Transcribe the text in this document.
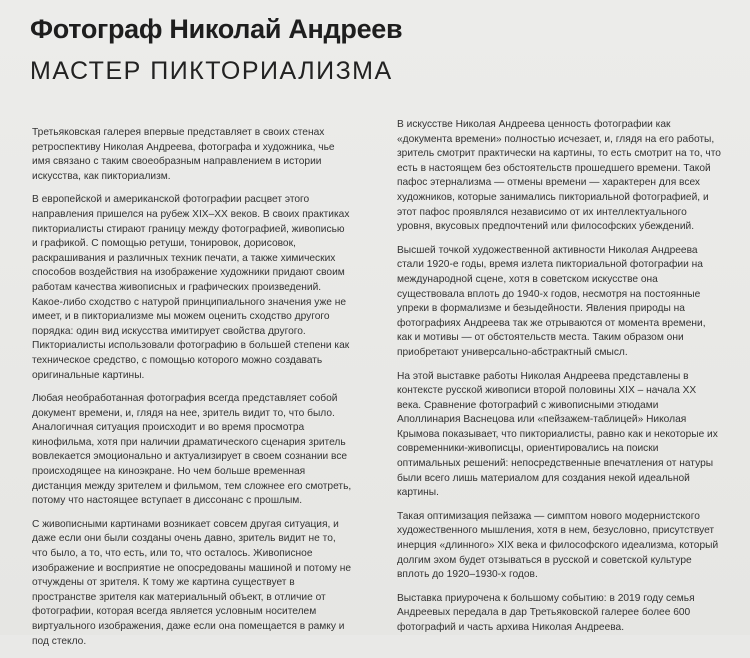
Фотограф Николай Андреев
МАСТЕР ПИКТОРИАЛИЗМА

Третьяковская галерея впервые представляет в своих стенах ретроспективу Николая Андреева, фотографа и художника, чье имя связано с таким своеобразным направлением в истории искусства, как пикториализм.

В европейской и американской фотографии расцвет этого направления пришелся на рубеж XIX–XX веков. В своих практиках пикториалисты стирают границу между фотографией, живописью и графикой. С помощью ретуши, тонировок, дорисовок, раскрашивания и различных техник печати, а также химических способов воздействия на изображение художники придают своим работам качества живописных и графических произведений. Какое-либо сходство с натурой принципиального значения уже не имеет, и в пикториализме мы можем оценить сходство другого порядка: один вид искусства имитирует свойства другого. Пикториалисты использовали фотографию в большей степени как техническое средство, с помощью которого можно создавать оригинальные картины.

Любая необработанная фотография всегда представляет собой документ времени, и, глядя на нее, зритель видит то, что было. Аналогичная ситуация происходит и во время просмотра кинофильма, хотя при наличии драматического сценария зритель вовлекается эмоционально и актуализирует в своем сознании все происходящее на киноэкране. Но чем больше временная дистанция между зрителем и фильмом, тем сложнее его смотреть, потому что настоящее вступает в диссонанс с прошлым.

С живописными картинами возникает совсем другая ситуация, и даже если они были созданы очень давно, зритель видит не то, что было, а то, что есть, или то, что осталось. Живописное изображение и восприятие не опосредованы машиной и потому не отчуждены от зрителя. К тому же картина существует в пространстве зрителя как материальный объект, в отличие от фотографии, которая всегда является условным носителем виртуального изображения, даже если она помещается в рамку и под стекло.

В искусстве Николая Андреева ценность фотографии как «документа времени» полностью исчезает, и, глядя на его работы, зритель смотрит практически на картины, то есть смотрит на то, что есть в настоящем без обстоятельств прошедшего времени. Такой пафос этернализма — отмены времени — характерен для всех художников, которые занимались пикториальной фотографией, и этот пафос проявлялся независимо от их интеллектуального уровня, вкусовых предпочтений или философских убеждений.

Высшей точкой художественной активности Николая Андреева стали 1920-е годы, время излета пикториальной фотографии на международной сцене, хотя в советском искусстве она существовала вплоть до 1940-х годов, несмотря на постоянные упреки в формализме и безыдейности. Явления природы на фотографиях Андреева так же отрываются от момента времени, как и мотивы — от обстоятельств места. Таким образом они приобретают универсально-абстрактный смысл.

На этой выставке работы Николая Андреева представлены в контексте русской живописи второй половины XIX – начала XX века. Сравнение фотографий с живописными этюдами Аполлинария Васнецова или «пейзажем-таблицей» Николая Крымова показывает, что пикториалисты, равно как и некоторые их современники-живописцы, ориентировались на поиски оптимальных решений: непосредственные впечатления от натуры были всего лишь материалом для создания некой идеальной картины.

Такая оптимизация пейзажа — симптом нового модернистского художественного мышления, хотя в нем, безусловно, присутствует инерция «длинного» XIX века и философского идеализма, который долгим эхом будет отзываться в русской и советской культуре вплоть до 1920–1930-х годов.

Выставка приурочена к большому событию: в 2019 году семья Андреевых передала в дар Третьяковской галерее более 600 фотографий и часть архива Николая Андреева.
